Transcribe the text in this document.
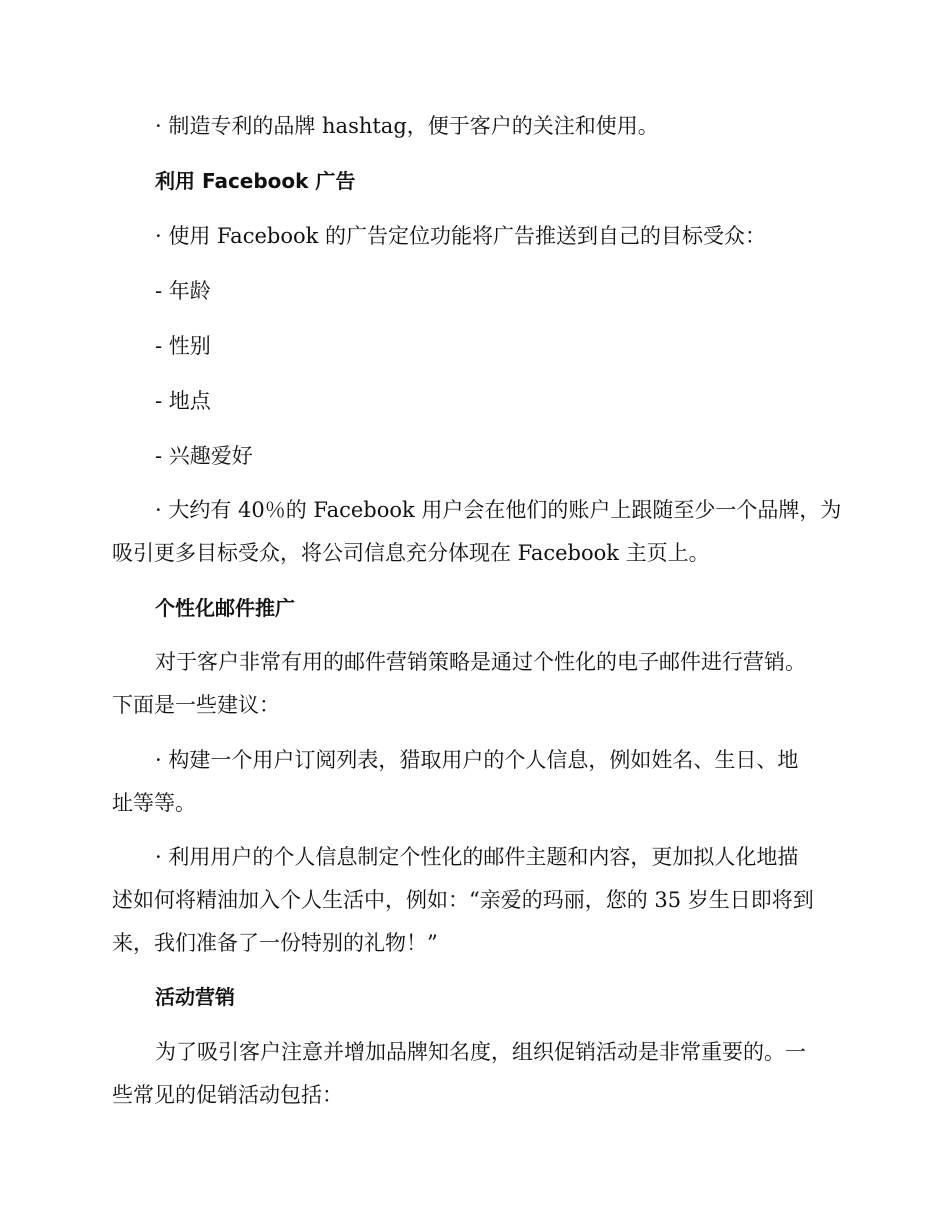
· 制造专利的品牌 hashtag，便于客户的关注和使用。

利用 Facebook 广告

· 使用 Facebook 的广告定位功能将广告推送到自己的目标受众：

- 年龄

- 性别

- 地点

- 兴趣爱好

· 大约有 40％的 Facebook 用户会在他们的账户上跟随至少一个品牌，为

吸引更多目标受众，将公司信息充分体现在 Facebook 主页上。

个性化邮件推广

对于客户非常有用的邮件营销策略是通过个性化的电子邮件进行营销。

下面是一些建议：

· 构建一个用户订阅列表，猎取用户的个人信息，例如姓名、生日、地

址等等。

· 利用用户的个人信息制定个性化的邮件主题和内容，更加拟人化地描

述如何将精油加入个人生活中，例如：“亲爱的玛丽，您的 35 岁生日即将到

来，我们准备了一份特别的礼物！”

活动营销

为了吸引客户注意并增加品牌知名度，组织促销活动是非常重要的。一

些常见的促销活动包括：
